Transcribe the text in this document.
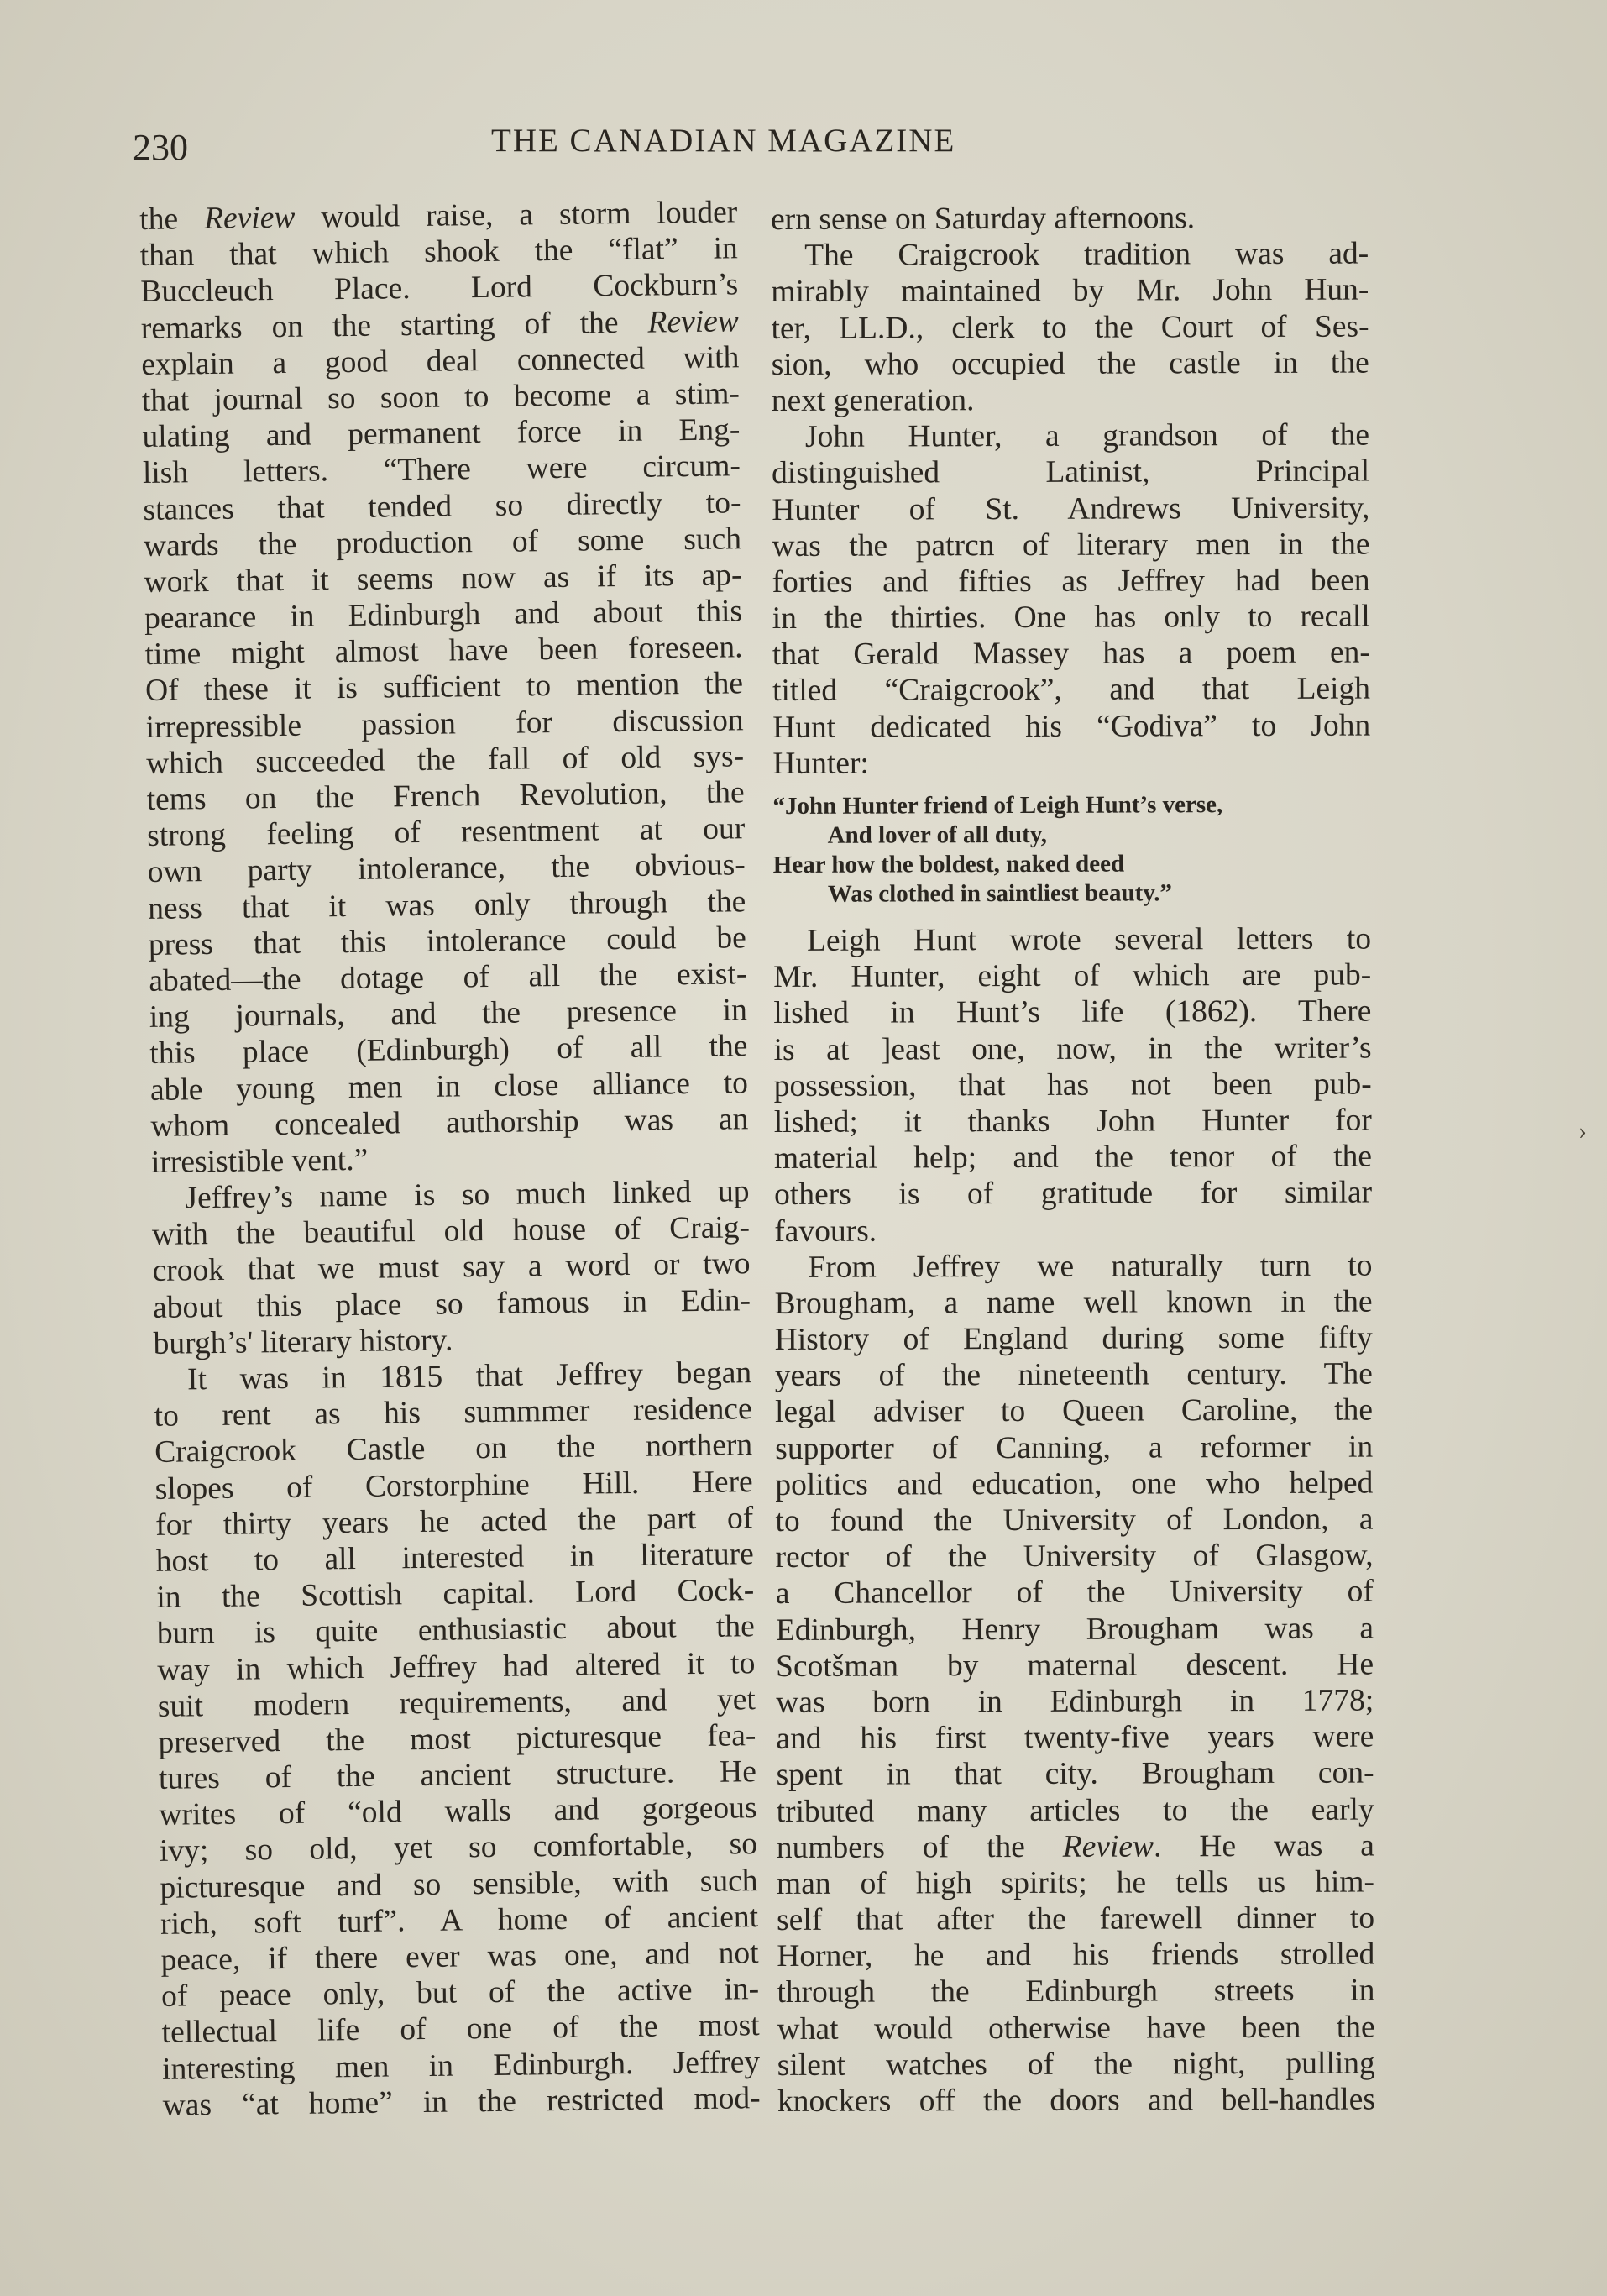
230	THE CANADIAN MAGAZINE
the Review would raise, a storm louder
than that which shook the “flat” in
Buccleuch Place. Lord Cockburn’s
remarks on the starting of the Review
explain a good deal connected with
that journal so soon to become a stim-
ulating and permanent force in Eng-
lish letters. “There were circum-
stances that tended so directly to-
wards the production of some such
work that it seems now as if its ap-
pearance in Edinburgh and about this
time might almost have been foreseen.
Of these it is sufficient to mention the
irrepressible passion for discussion
which succeeded the fall of old sys-
tems on the French Revolution, the
strong feeling of resentment at our
own party intolerance, the obvious-
ness that it was only through the
press that this intolerance could be
abated—the dotage of all the exist-
ing journals, and the presence in
this place (Edinburgh) of all the
able young men in close alliance to
whom concealed authorship was an
irresistible vent.”
Jeffrey’s name is so much linked up
with the beautiful old house of Craig-
crook that we must say a word or two
about this place so famous in Edin-
burgh’s' literary history.
It was in 1815 that Jeffrey began
to rent as his summmer residence
Craigcrook Castle on the northern
slopes of Corstorphine Hill. Here
for thirty years he acted the part of
host to all interested in literature
in the Scottish capital. Lord Cock-
burn is quite enthusiastic about the
way in which Jeffrey had altered it to
suit modern requirements, and yet
preserved the most picturesque fea-
tures of the ancient structure. He
writes of “old walls and gorgeous
ivy; so old, yet so comfortable, so
picturesque and so sensible, with such
rich, soft turf”. A home of ancient
peace, if there ever was one, and not
of peace only, but of the active in-
tellectual life of one of the most
interesting men in Edinburgh. Jeffrey
was “at home” in the restricted mod-
ern sense on Saturday afternoons.
The Craigcrook tradition was ad-
mirably maintained by Mr. John Hun-
ter, LL.D., clerk to the Court of Ses-
sion, who occupied the castle in the
next generation.
John Hunter, a grandson of the
distinguished Latinist, Principal
Hunter of St. Andrews University,
was the patrcn of literary men in the
forties and fifties as Jeffrey had been
in the thirties. One has only to recall
that Gerald Massey has a poem en-
titled “Craigcrook”, and that Leigh
Hunt dedicated his “Godiva” to John
Hunter:
“John Hunter friend of Leigh Hunt’s verse,
And lover of all duty,
Hear how the boldest, naked deed
Was clothed in saintliest beauty.”
Leigh Hunt wrote several letters to
Mr. Hunter, eight of which are pub-
lished in Hunt’s life (1862). There
is at ]east one, now, in the writer’s
possession, that has not been pub-
lished; it thanks John Hunter for
material help; and the tenor of the
others is of gratitude for similar
favours.
From Jeffrey we naturally turn to
Brougham, a name well known in the
History of England during some fifty
years of the nineteenth century. The
legal adviser to Queen Caroline, the
supporter of Canning, a reformer in
politics and education, one who helped
to found the University of London, a
rector of the University of Glasgow,
a Chancellor of the University of
Edinburgh, Henry Brougham was a
Scotšman by maternal descent. He
was born in Edinburgh in 1778;
and his first twenty-five years were
spent in that city. Brougham con-
tributed many articles to the early
numbers of the Review. He was a
man of high spirits; he tells us him-
self that after the farewell dinner to
Horner, he and his friends strolled
through the Edinburgh streets in
what would otherwise have been the
silent watches of the night, pulling
knockers off the doors and bell-handles
›
